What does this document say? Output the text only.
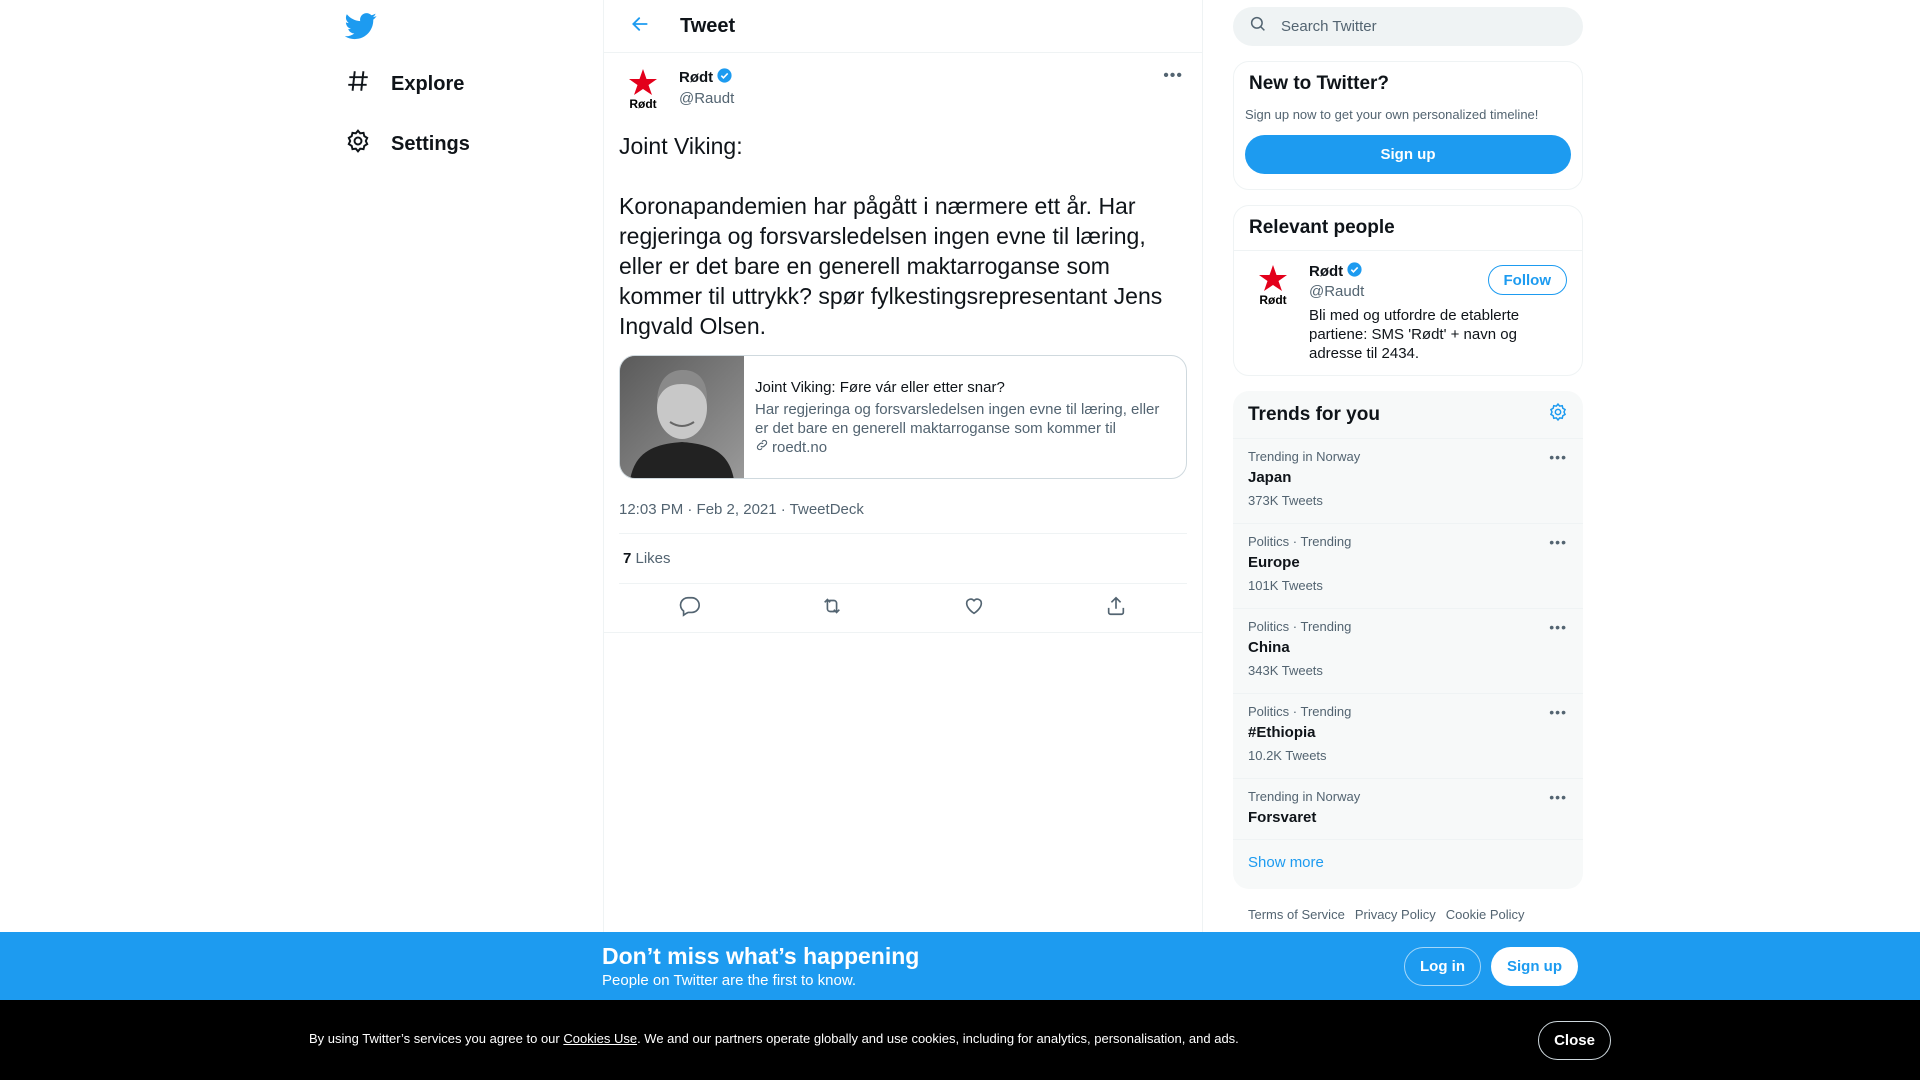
Explore
Settings
Tweet
Rødt
Rødt
@Raudt
•••
Joint Viking:

Koronapandemien har pågått i nærmere ett år. Har regjeringa og forsvarsledelsen ingen evne til læring, eller er det bare en generell maktarroganse som kommer til uttrykk? spør fylkestingsrepresentant Jens Ingvald Olsen.
Joint Viking: Føre vár eller etter snar?
Har regjeringa og forsvarsledelsen ingen evne til læring, eller er det bare en generell maktarroganse som kommer til
roedt.no
12:03 PM · Feb 2, 2021 · TweetDeck
7 Likes
Search Twitter
New to Twitter?
Sign up now to get your own personalized timeline!
Sign up
Relevant people
Rødt
Rødt
@Raudt
Bli med og utfordre de etablerte partiene: SMS 'Rødt' + navn og adresse til 2434.
Follow
Trends for you
Trending in Norway
Japan
373K Tweets
•••
Politics · Trending
Europe
101K Tweets
•••
Politics · Trending
China
343K Tweets
•••
Politics · Trending
#Ethiopia
10.2K Tweets
•••
Trending in Norway
Forsvaret
•••
Show more
Terms of Service Privacy Policy Cookie Policy
Don’t miss what’s happening
People on Twitter are the first to know.
Log in	Sign up
By using Twitter’s services you agree to our Cookies Use. We and our partners operate globally and use cookies, including for analytics, personalisation, and ads.	Close
